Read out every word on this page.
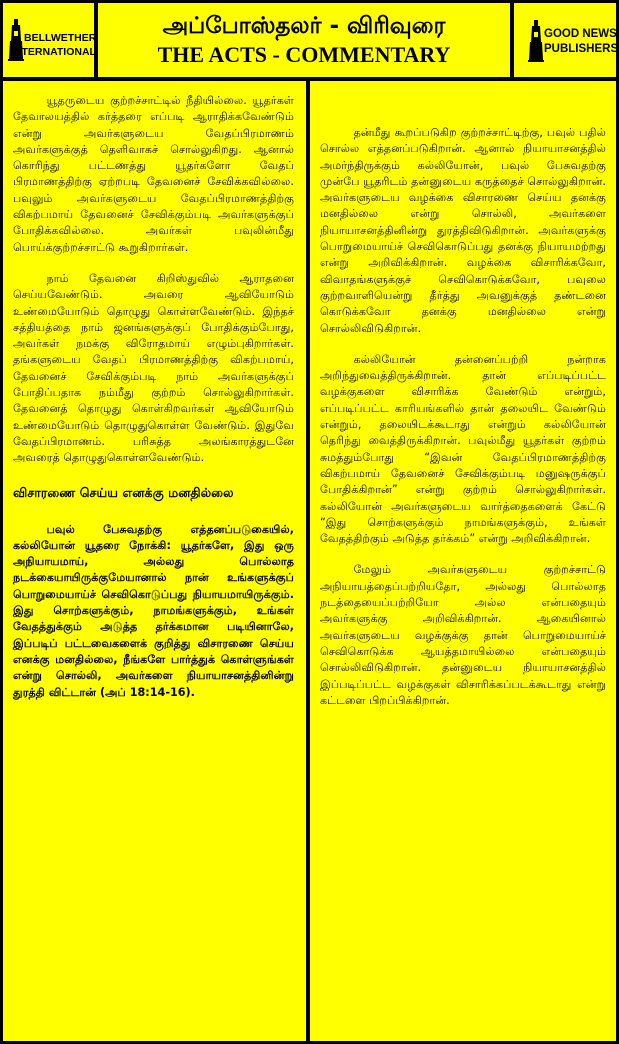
BELLWETHER
INTERNATIONAL
அப்போஸ்தலர் - விரிவுரை
THE ACTS - COMMENTARY
GOOD NEWS
PUBLISHERS

யூதருடைய குற்றச்சாட்டில் நீதியில்லை. யூதர்கள் தேவாலயத்தில் கர்த்தரை எப்படி ஆராதிக்கவேண்டும் என்று அவர்களுடைய வேதப்பிரமாணம் அவர்களுக்குத் தெளிவாகச் சொல்லுகிறது. ஆனால் கொரிந்து பட்டணத்து யூதர்களோ வேதப் பிரமாணத்திற்கு ஏற்றபடி தேவனைச் சேவிக்கவில்லை. பவுலும் அவர்களுடைய வேதப்பிரமாணத்திற்கு விகற்பமாய் தேவனைச் சேவிக்கும்படி அவர்களுக்குப் போதிக்கவில்லை. அவர்கள் பவுலின்மீது பொய்க்குற்றச்சாட்டு கூறுகிறார்கள்.

நாம் தேவனை கிறிஸ்துவில் ஆராதனை செய்யவேண்டும். அவரை ஆவியோடும் உண்மையோடும் தொழுது கொள்ளவேண்டும். இந்தச் சத்தியத்தை நாம் ஜனங்களுக்குப் போதிக்கும்போது, அவர்கள் நமக்கு விரோதமாய் எழும்புகிறார்கள். தங்களுடைய வேதப் பிரமாணத்திற்கு விகற்பமாய், தேவனைச் சேவிக்கும்படி நாம் அவர்களுக்குப் போதிப்பதாக நம்மீது குற்றம் சொல்லுகிறார்கள். தேவனைத் தொழுது கொள்கிறவர்கள் ஆவியோடும் உண்மையோடும் தொழுதுகொள்ள வேண்டும். இதுவே வேதப்பிரமாணம். பரிசுத்த அலங்காரத்துடனே அவரைத் தொழுதுகொள்ளவேண்டும்.

விசாரணை செய்ய எனக்கு மனதில்லை

பவுல் பேசுவதற்கு எத்தனப்படுகையில், கல்லியோன் யூதரை நோக்கி: யூதர்களே, இது ஒரு அநியாயமாய், அல்லது பொல்லாத நடக்கையாயிருக்குமேயானால் நான் உங்களுக்குப் பொறுமையாய்ச் செவிகொடுப்பது நியாயமாயிருக்கும். இது சொற்களுக்கும், நாமங்களுக்கும், உங்கள் வேதத்துக்கும் அடுத்த தர்க்கமான படியினாலே, இப்படிப் பட்டவைகளைக் குறித்து விசாரணை செய்ய எனக்கு மனதில்லை, நீங்களே பார்த்துக் கொள்ளுங்கள் என்று சொல்லி, அவர்களை நியாயாசனத்தினின்று துரத்தி விட்டான் (அப் 18:14-16).

தன்மீது கூறப்படுகிற குற்றச்சாட்டிற்கு, பவுல் பதில் சொல்ல எத்தனப்படுகிறான். ஆனால் நியாயாசனத்தில் அமர்ந்திருக்கும் கல்லியோன், பவுல் பேசுவதற்கு முன்பே யூதரிடம் தன்னுடைய கருத்தைச் சொல்லுகிறான். அவர்களுடைய வழக்கை விசாரணை செய்ய தனக்கு மனதில்லை என்று சொல்லி, அவர்களை நியாயாசனத்தினின்று துரத்திவிடுகிறான். அவர்களுக்கு பொறுமையாய்ச் செவிகொடுப்பது தனக்கு நியாயமற்றது என்று அறிவிக்கிறான். வழக்கை விசாரிக்கவோ, விவாதங்களுக்குச் செவிகொடுக்கவோ, பவுலை குற்றவாளியென்று தீர்த்து அவனுக்குத் தண்டனை கொடுக்கவோ தனக்கு மனதில்லை என்று சொல்லிவிடுகிறான்.

கல்லியோன் தன்னைப்பற்றி நன்றாக அறிந்துவைத்திருக்கிறான். தான் எப்படிப்பட்ட வழக்குகளை விசாரிக்க வேண்டும் என்றும், எப்படிப்பட்ட காரியங்களில் தான் தலையிட வேண்டும் என்றும், தலையிடக்கூடாது என்றும் கல்லியோன் தெரிந்து வைத்திருக்கிறான். பவுல்மீது யூதர்கள் குற்றம் சுமத்தும்போது “இவன் வேதப்பிரமாணத்திற்கு விகற்பமாய் தேவனைச் சேவிக்கும்படி மனுஷருக்குப் போதிக்கிறான்” என்று குற்றம் சொல்லுகிறார்கள். கல்லியோன் அவர்களுடைய வார்த்தைகளைக் கேட்டு “இது சொற்களுக்கும் நாமங்களுக்கும், உங்கள் வேதத்திற்கும் அடுத்த தர்க்கம்” என்று அறிவிக்கிறான்.

மேலும் அவர்களுடைய குற்றச்சாட்டு அநியாயத்தைப்பற்றியதோ, அல்லது பொல்லாத நடத்தையைப்பற்றியோ அல்ல என்பதையும் அவர்களுக்கு அறிவிக்கிறான். ஆகையினால் அவர்களுடைய வழக்குக்கு தான் பொறுமையாய்ச் செவிகொடுக்க ஆயத்தமாயில்லை என்பதையும் சொல்லிவிடுகிறான். தன்னுடைய நியாயாசனத்தில் இப்படிப்பட்ட வழக்குகள் விசாரிக்கப்படக்கூடாது என்று கட்டளை பிறப்பிக்கிறான்.
